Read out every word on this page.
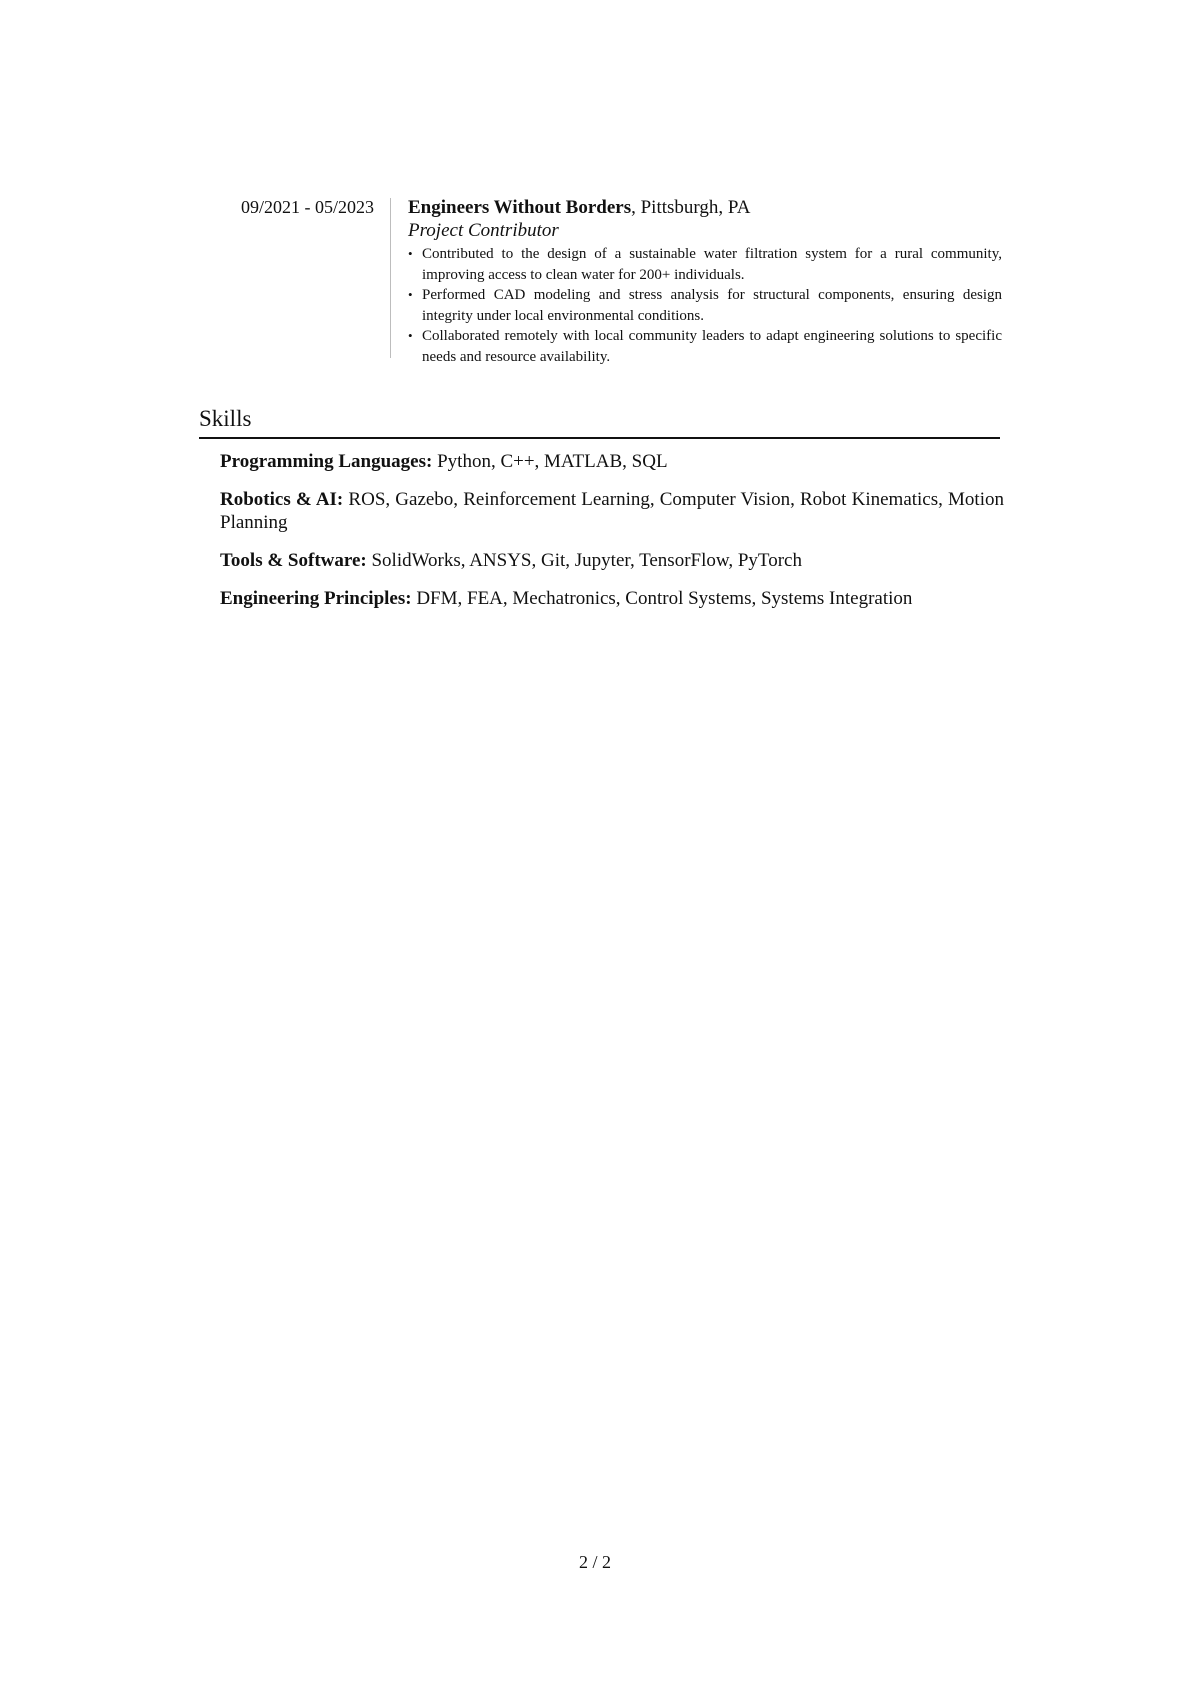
09/2021 - 05/2023 Engineers Without Borders, Pittsburgh, PA

Project Contributor

• Contributed to the design of a sustainable water filtration system for a rural community, improving access to clean water for 200+ individuals.
• Performed CAD modeling and stress analysis for structural components, ensuring design integrity under local environmental conditions.
• Collaborated remotely with local community leaders to adapt engineering solutions to specific needs and resource availability.
Skills

Programming Languages: Python, C++, MATLAB, SQL

Robotics & AI: ROS, Gazebo, Reinforcement Learning, Computer Vision, Robot Kinematics, Motion Planning

Tools & Software: SolidWorks, ANSYS, Git, Jupyter, TensorFlow, PyTorch

Engineering Principles: DFM, FEA, Mechatronics, Control Systems, Systems Integration

2 / 2
